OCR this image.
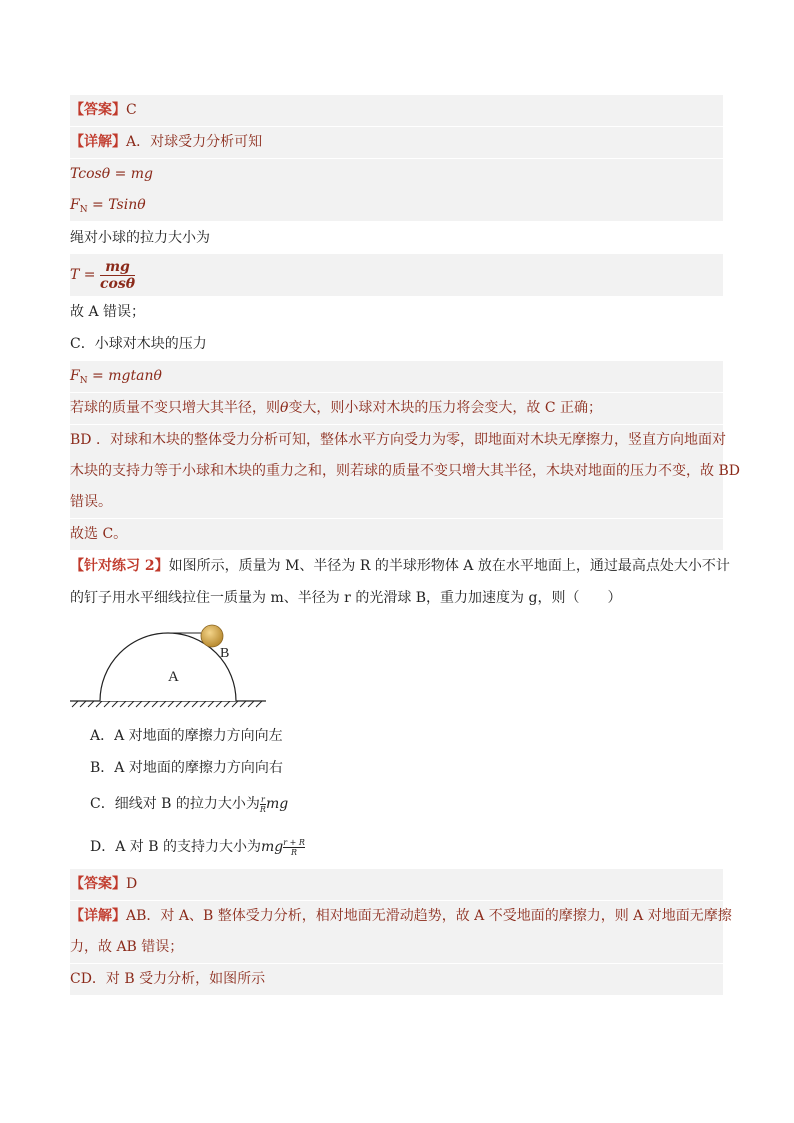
【答案】C
【详解】A．对球受力分析可知
Tcosθ = mg
$F_N = Tsin\theta$
绳对小球的拉力大小为
$T = \frac{mg}{\cos\theta}$
故 A 错误；
C．小球对木块的压力
$F_N = mgtan\theta$
若球的质量不变只增大其半径，则θ变大，则小球对木块的压力将会变大，故 C 正确；
BD ．对球和木块的整体受力分析可知，整体水平方向受力为零，即地面对木块无摩擦力，竖直方向地面对
木块的支持力等于小球和木块的重力之和，则若球的质量不变只增大其半径，木块对地面的压力不变，故 BD
错误。
故选 C。
【针对练习 2】如图所示，质量为 M、半径为 R 的半球形物体 A 放在水平地面上，通过最高点处大小不计
的钉子用水平细线拉住一质量为 m、半径为 r 的光滑球 B，重力加速度为 g，则（　　）
A
B
A．A 对地面的摩擦力方向向左
B．A 对地面的摩擦力方向向右
C．细线对 B 的拉力大小为 $\frac{r}{R}$ mg
D．A 对 B 的支持力大小为mg $\frac{r + R}{R}$
【答案】D
【详解】AB．对 A、B 整体受力分析，相对地面无滑动趋势，故 A 不受地面的摩擦力，则 A 对地面无摩擦
力，故 AB 错误；
CD．对 B 受力分析，如图所示
